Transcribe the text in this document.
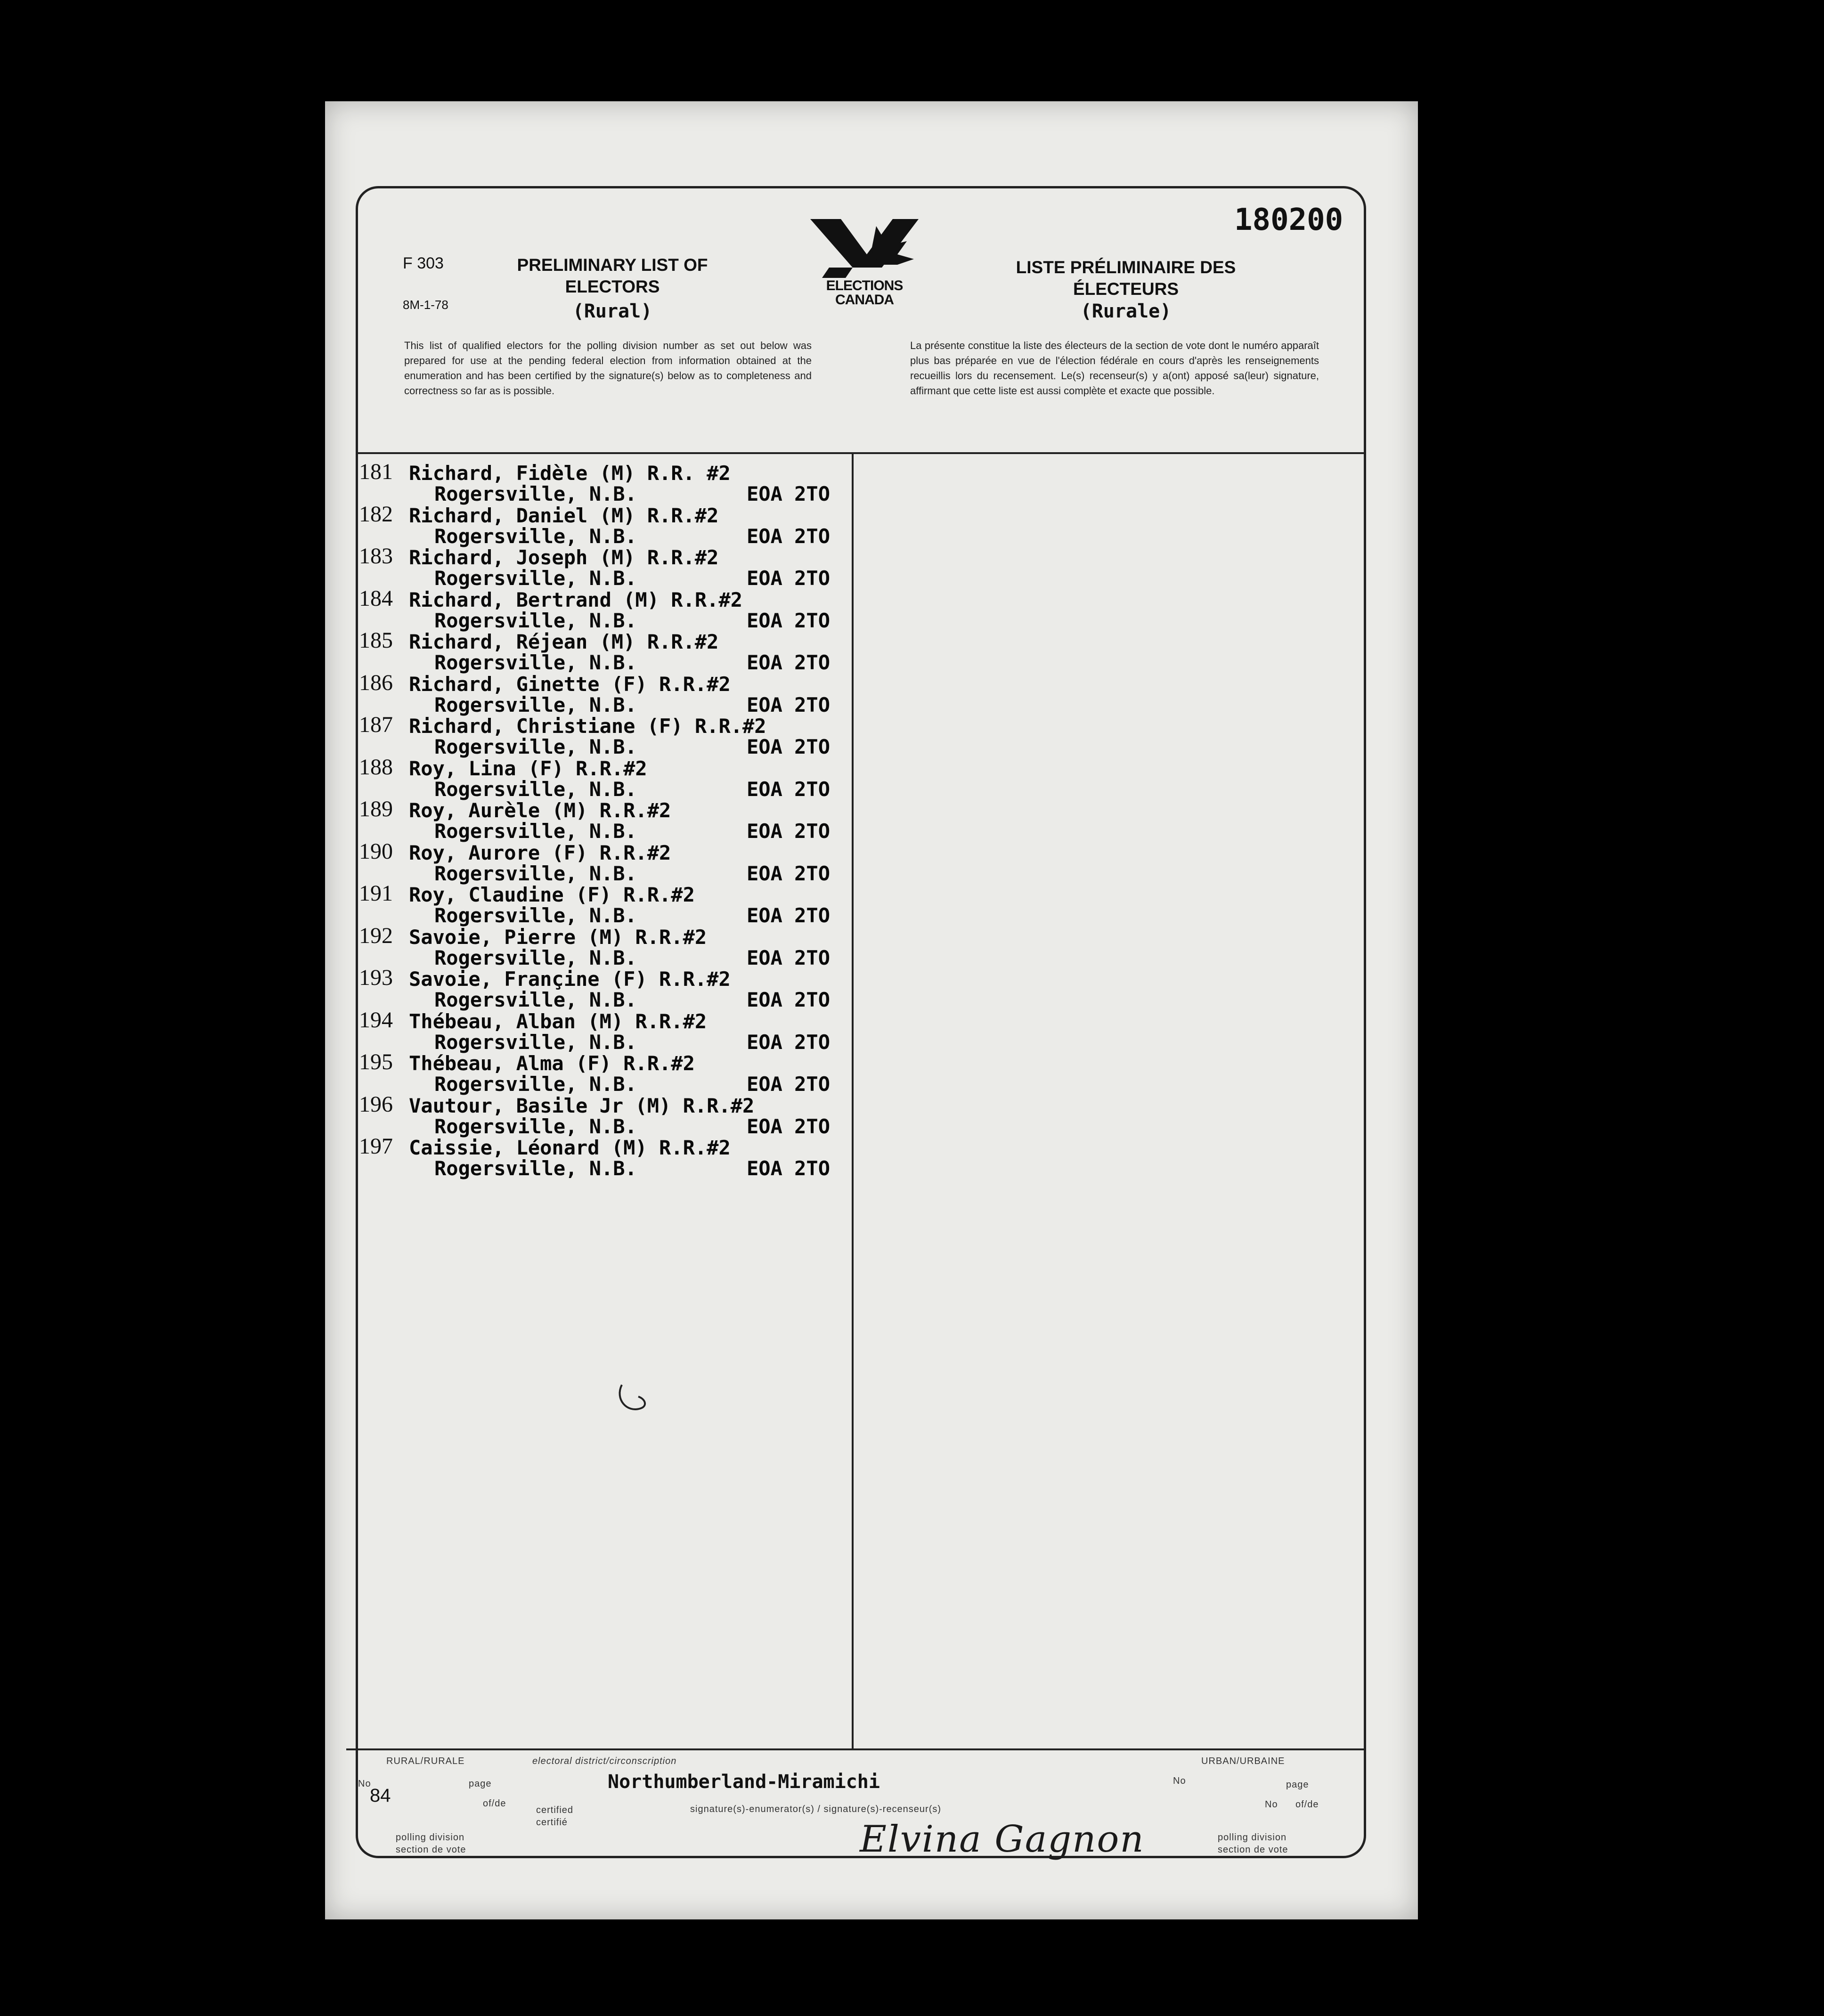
180200
F 303
8M-1-78
PRELIMINARY LIST OF
ELECTORS
(Rural)
LISTE PRÉLIMINAIRE DES
ÉLECTEURS
(Rurale)
ELECTIONS
CANADA
This list of qualified electors for the polling division number as set out below was prepared for use at the pending federal election from information obtained at the enumeration and has been certified by the signature(s) below as to completeness and correctness so far as is possible.
La présente constitue la liste des électeurs de la section de vote dont le numéro apparaît plus bas préparée en vue de l'élection fédérale en cours d'après les renseignements recueillis lors du recensement. Le(s) recenseur(s) y a(ont) apposé sa(leur) signature, affirmant que cette liste est aussi complète et exacte que possible.
181 Richard, Fidèle (M) R.R. #2
Rogersville, N.B.	EOA 2TO
182 Richard, Daniel (M) R.R.#2
Rogersville, N.B.	EOA 2TO
183 Richard, Joseph (M) R.R.#2
Rogersville, N.B.	EOA 2TO
184 Richard, Bertrand (M) R.R.#2
Rogersville, N.B.	EOA 2TO
185 Richard, Réjean (M) R.R.#2
Rogersville, N.B.	EOA 2TO
186 Richard, Ginette (F) R.R.#2
Rogersville, N.B.	EOA 2TO
187 Richard, Christiane (F) R.R.#2
Rogersville, N.B.	EOA 2TO
188 Roy, Lina (F) R.R.#2
Rogersville, N.B.	EOA 2TO
189 Roy, Aurèle (M) R.R.#2
Rogersville, N.B.	EOA 2TO
190 Roy, Aurore (F) R.R.#2
Rogersville, N.B.	EOA 2TO
191 Roy, Claudine (F) R.R.#2
Rogersville, N.B.	EOA 2TO
192 Savoie, Pierre (M) R.R.#2
Rogersville, N.B.	EOA 2TO
193 Savoie, Françine (F) R.R.#2
Rogersville, N.B.	EOA 2TO
194 Thébeau, Alban (M) R.R.#2
Rogersville, N.B.	EOA 2TO
195 Thébeau, Alma (F) R.R.#2
Rogersville, N.B.	EOA 2TO
196 Vautour, Basile Jr (M) R.R.#2
Rogersville, N.B.	EOA 2TO
197 Caissie, Léonard (M) R.R.#2
Rogersville, N.B.	EOA 2TO
RURAL/RURALE	electoral district/circonscription	URBAN/URBAINE
No
84
page
of/de
Northumberland-Miramichi
certified
certifié
signature(s)-enumerator(s) / signature(s)-recenseur(s)
No	page
No of/de
polling division
section de vote
polling division
section de vote
Elvina Gagnon
